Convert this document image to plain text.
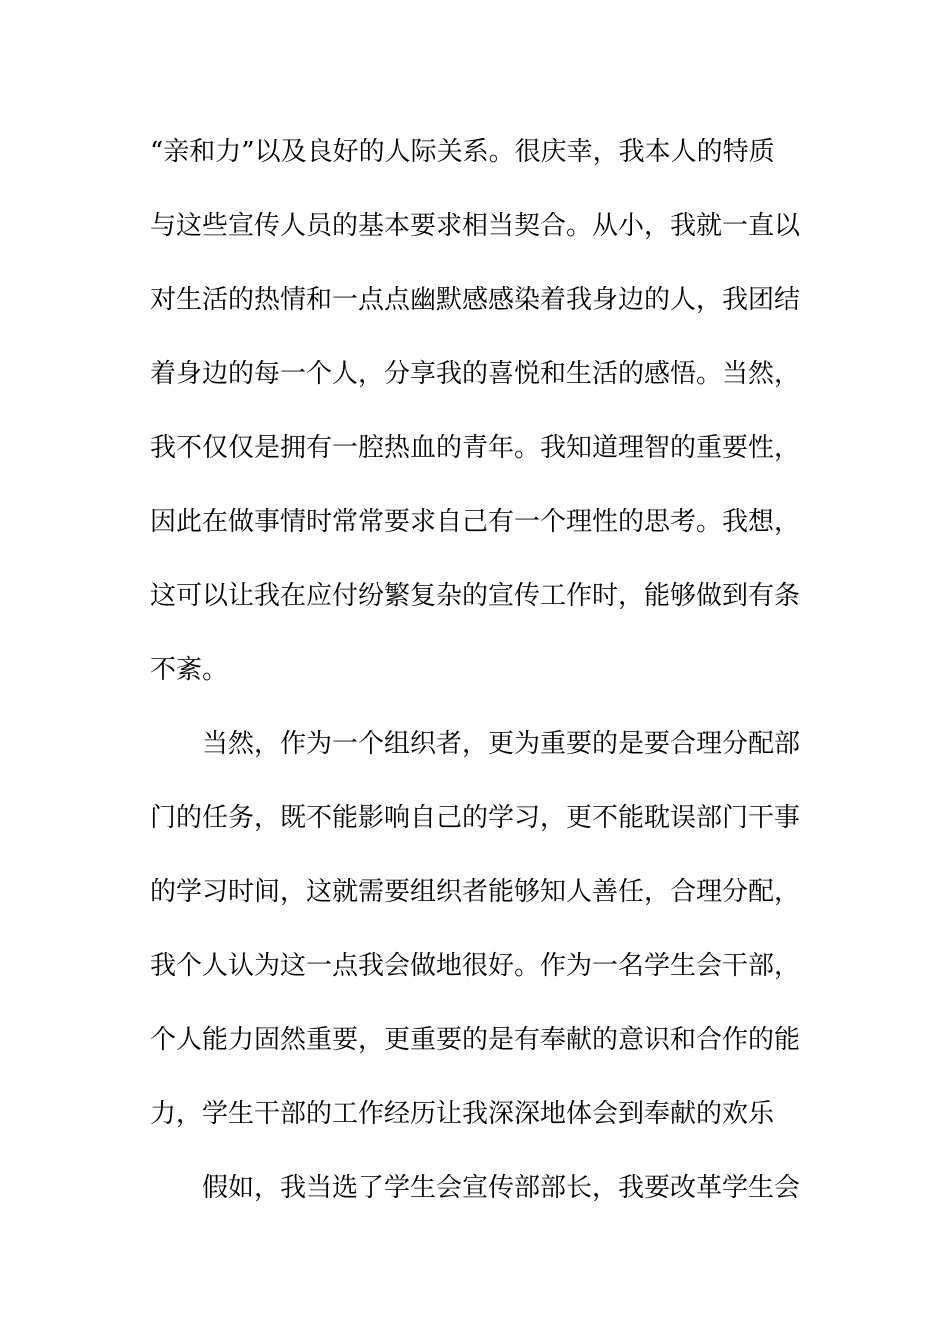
“亲和力”以及良好的人际关系。很庆幸，我本人的特质
与这些宣传人员的基本要求相当契合。从小，我就一直以
对生活的热情和一点点幽默感感染着我身边的人，我团结
着身边的每一个人，分享我的喜悦和生活的感悟。当然，
我不仅仅是拥有一腔热血的青年。我知道理智的重要性，
因此在做事情时常常要求自己有一个理性的思考。我想，
这可以让我在应付纷繁复杂的宣传工作时，能够做到有条
不紊。
当然，作为一个组织者，更为重要的是要合理分配部
门的任务，既不能影响自己的学习，更不能耽误部门干事
的学习时间，这就需要组织者能够知人善任，合理分配，
我个人认为这一点我会做地很好。作为一名学生会干部，
个人能力固然重要，更重要的是有奉献的意识和合作的能
力，学生干部的工作经历让我深深地体会到奉献的欢乐
假如，我当选了学生会宣传部部长，我要改革学生会
